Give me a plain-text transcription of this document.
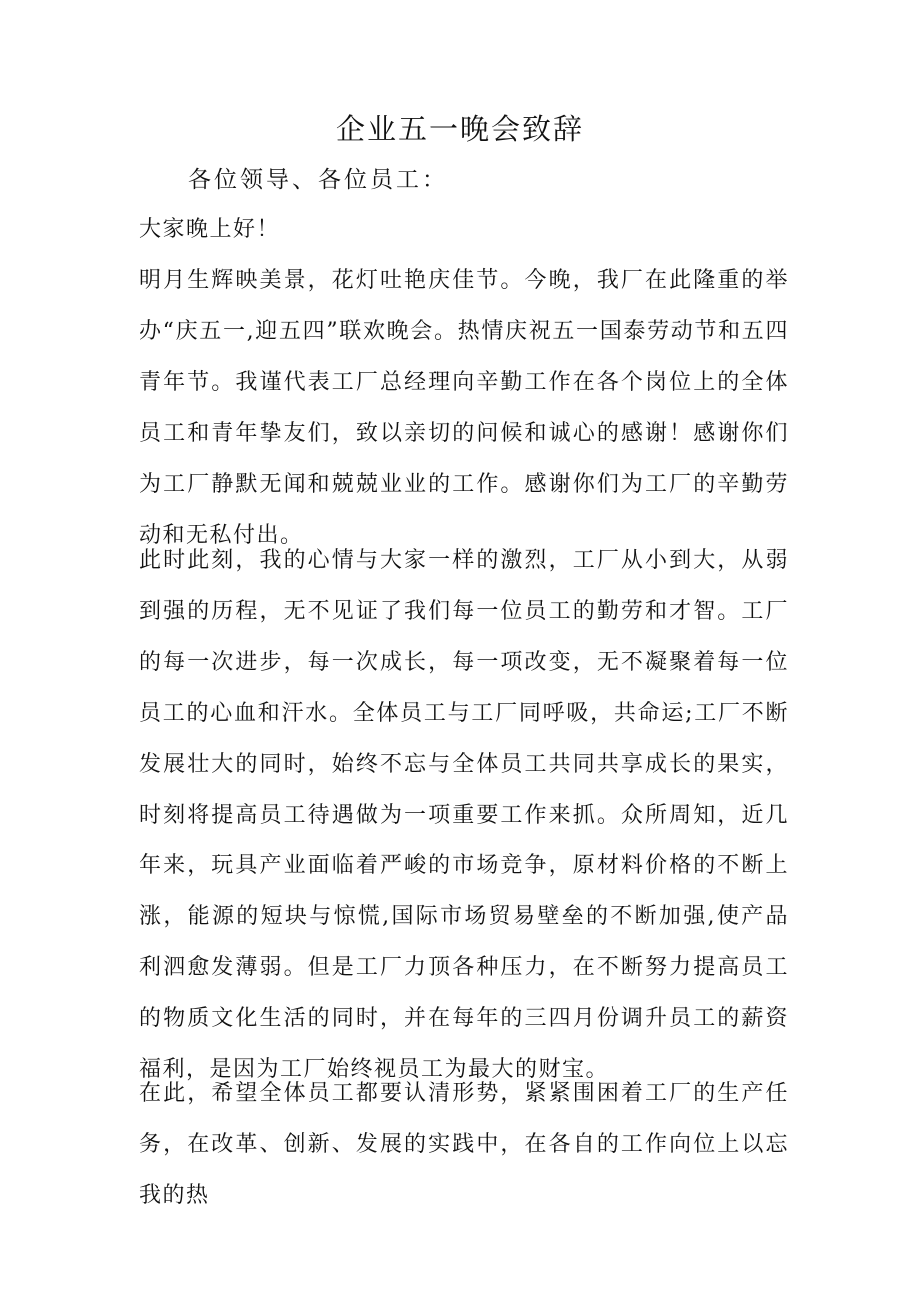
企业五一晚会致辞
各位领导、各位员工：

大家晚上好！

明月生辉映美景，花灯吐艳庆佳节。今晚，我厂在此隆重的举办“庆五一,迎五四”联欢晚会。热情庆祝五一国泰劳动节和五四青年节。我谨代表工厂总经理向辛勤工作在各个岗位上的全体员工和青年挚友们，致以亲切的问候和诚心的感谢！感谢你们为工厂静默无闻和兢兢业业的工作。感谢你们为工厂的辛勤劳动和无私付出。

此时此刻，我的心情与大家一样的激烈，工厂从小到大，从弱到强的历程，无不见证了我们每一位员工的勤劳和才智。工厂的每一次进步，每一次成长，每一项改变，无不凝聚着每一位员工的心血和汗水。全体员工与工厂同呼吸，共命运;工厂不断发展壮大的同时，始终不忘与全体员工共同共享成长的果实，时刻将提高员工待遇做为一项重要工作来抓。众所周知，近几年来，玩具产业面临着严峻的市场竞争，原材料价格的不断上涨，能源的短块与惊慌,国际市场贸易壁垒的不断加强,使产品利泗愈发薄弱。但是工厂力顶各种压力，在不断努力提高员工的物质文化生活的同时，并在每年的三四月份调升员工的薪资福利，是因为工厂始终视员工为最大的财宝。

在此，希望全体员工都要认清形势，紧紧围困着工厂的生产任务，在改革、创新、发展的实践中，在各自的工作向位上以忘我的热
